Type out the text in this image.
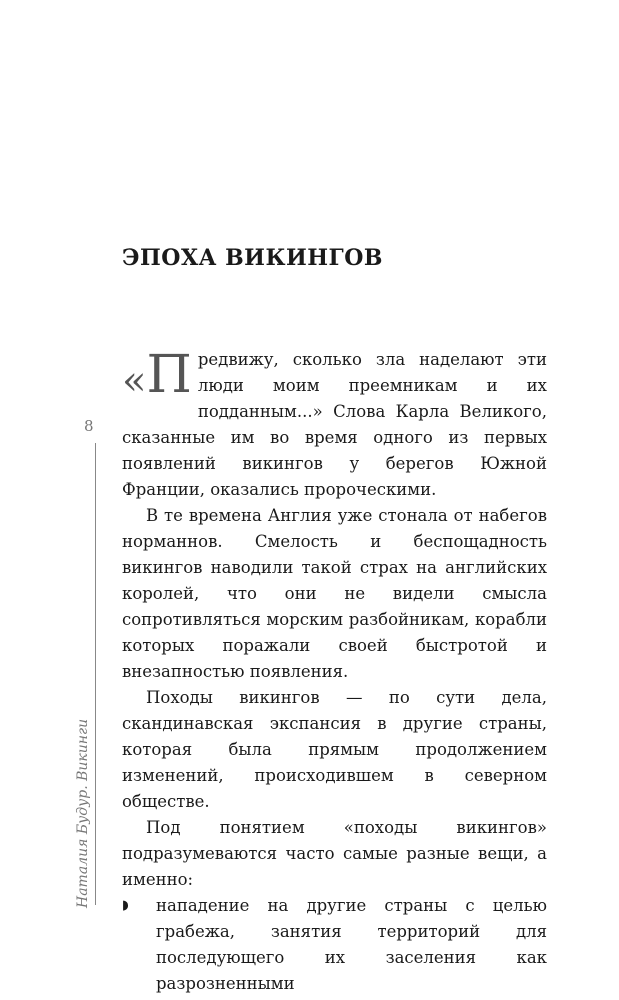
ЭПОХА ВИКИНГОВ
8
Наталия Будур. Викинги

« П редвижу, сколько зла наделают эти люди моим преемникам и их подданным...» Слова Карла Великого, сказанные им во время одного из первых появлений викингов у берегов Южной Франции, оказались пророческими.

В те времена Англия уже стонала от набегов норманнов. Смелость и беспощадность викингов наводили такой страх на английских королей, что они не видели смысла сопротивляться морским разбойникам, корабли которых поражали своей быстротой и внезапностью появления.

Походы викингов — по сути дела, скандинавская экспансия в другие страны, которая была прямым продолжением изменений, происходившем в северном обществе.

Под понятием «походы викингов» подразумеваются часто самые разные вещи, а именно:

◗ нападение на другие страны с целью грабежа, занятия территорий для последующего их заселения как разрозненными
